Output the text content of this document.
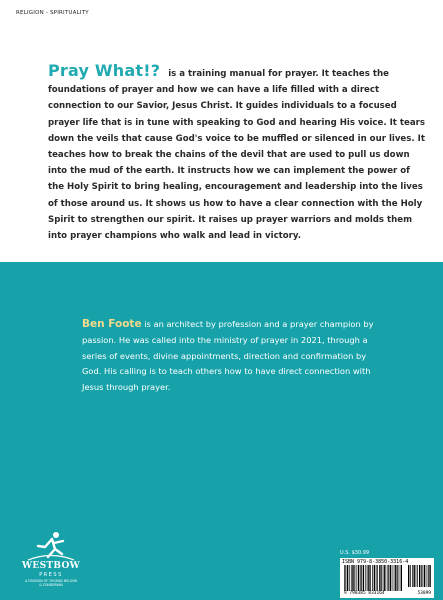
RELIGION - SPIRITUALITY

Pray What!? is a training manual for prayer. It teaches the foundations of prayer and how we can have a life filled with a direct connection to our Savior, Jesus Christ. It guides individuals to a focused prayer life that is in tune with speaking to God and hearing His voice. It tears down the veils that cause God's voice to be muffled or silenced in our lives. It teaches how to break the chains of the devil that are used to pull us down into the mud of the earth. It instructs how we can implement the power of the Holy Spirit to bring healing, encouragement and leadership into the lives of those around us. It shows us how to have a clear connection with the Holy Spirit to strengthen our spirit. It raises up prayer warriors and molds them into prayer champions who walk and lead in victory.

Ben Foote is an architect by profession and a prayer champion by passion. He was called into the ministry of prayer in 2021, through a series of events, divine appointments, direction and confirmation by God. His calling is to teach others how to have direct connection with Jesus through prayer.

WESTBOW
PRESS
A DIVISION OF THOMAS NELSON
& ZONDERVAN
U.S. $30.99
ISBN 979-8-3850-3316-4
9 798385 033164	53099
